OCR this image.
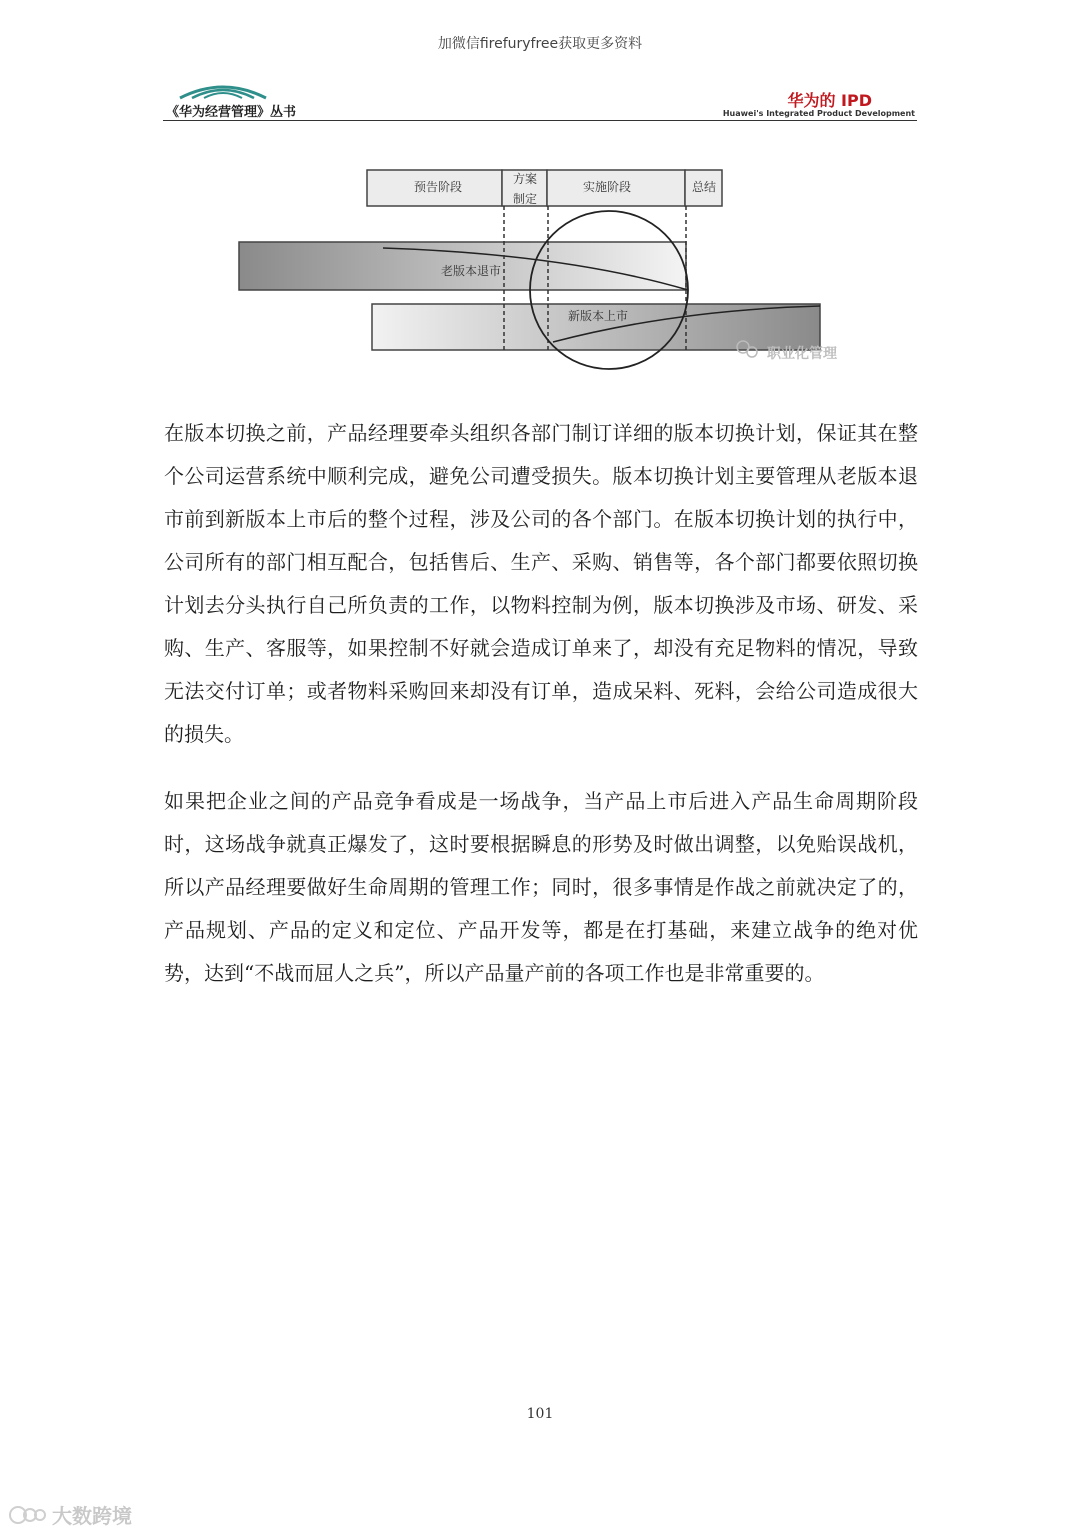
加微信firefuryfree获取更多资料
《华为经营管理》丛书
华为的 IPD
Huawei's Integrated Product Development
预告阶段
方案
制定
实施阶段	总结
老版本退市
新版本上市
职业化管理

在版本切换之前，产品经理要牵头组织各部门制订详细的版本切换计划，保证其在整个公司运营系统中顺利完成，避免公司遭受损失。版本切换计划主要管理从老版本退市前到新版本上市后的整个过程，涉及公司的各个部门。在版本切换计划的执行中，公司所有的部门相互配合，包括售后、生产、采购、销售等，各个部门都要依照切换计划去分头执行自己所负责的工作，以物料控制为例，版本切换涉及市场、研发、采购、生产、客服等，如果控制不好就会造成订单来了，却没有充足物料的情况，导致无法交付订单；或者物料采购回来却没有订单，造成呆料、死料，会给公司造成很大的损失。

如果把企业之间的产品竞争看成是一场战争，当产品上市后进入产品生命周期阶段时，这场战争就真正爆发了，这时要根据瞬息的形势及时做出调整，以免贻误战机，所以产品经理要做好生命周期的管理工作；同时，很多事情是作战之前就决定了的，产品规划、产品的定义和定位、产品开发等，都是在打基础，来建立战争的绝对优势，达到“不战而屈人之兵”，所以产品量产前的各项工作也是非常重要的。

101
大数跨境
